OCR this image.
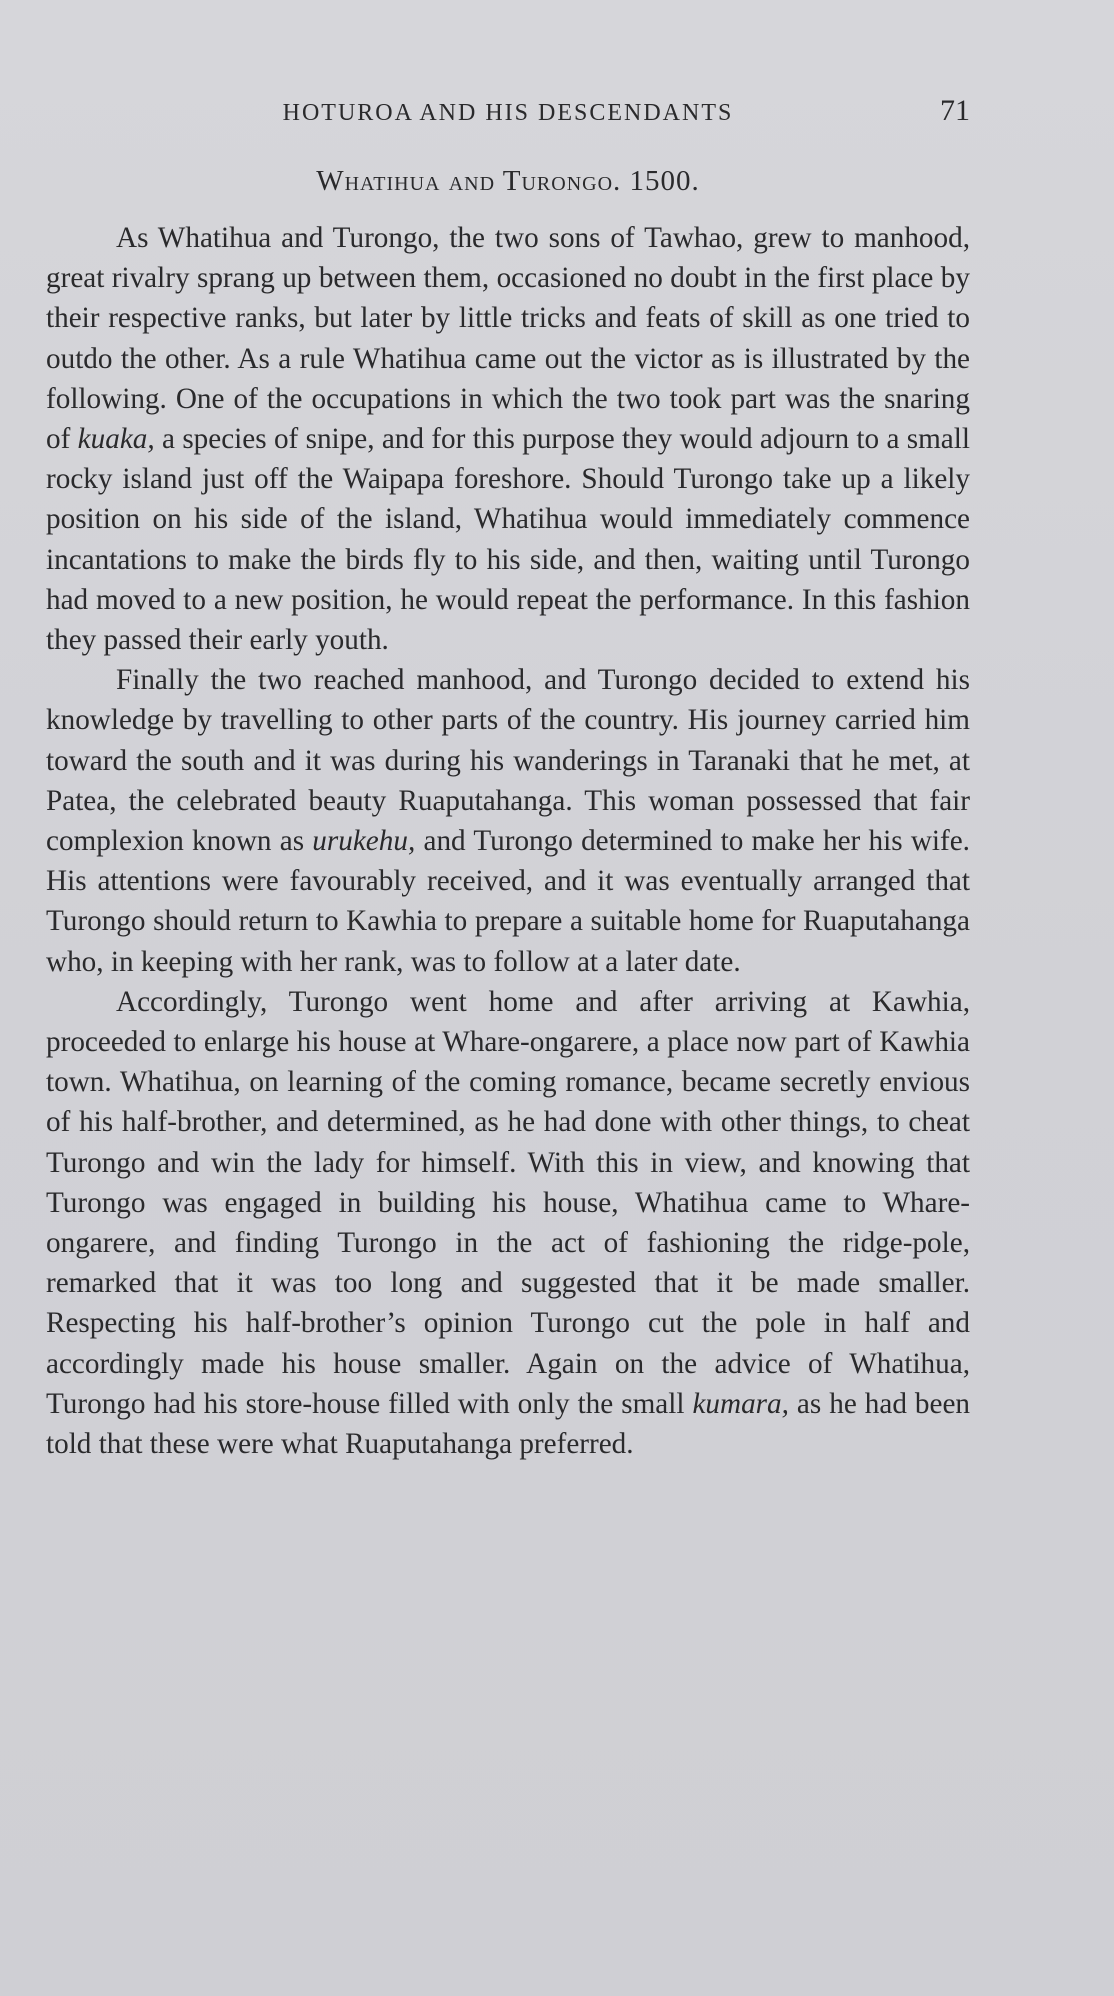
HOTUROA AND HIS DESCENDANTS	71
Whatihua and Turongo. 1500.

As Whatihua and Turongo, the two sons of Tawhao, grew to manhood, great rivalry sprang up between them, occasioned no doubt in the first place by their respective ranks, but later by little tricks and feats of skill as one tried to outdo the other. As a rule Whatihua came out the victor as is illustrated by the following. One of the occupations in which the two took part was the snaring of kuaka, a species of snipe, and for this purpose they would adjourn to a small rocky island just off the Waipapa foreshore. Should Turongo take up a likely position on his side of the island, Whatihua would immediately commence incantations to make the birds fly to his side, and then, waiting until Turongo had moved to a new position, he would repeat the performance. In this fashion they passed their early youth.

Finally the two reached manhood, and Turongo decided to extend his knowledge by travelling to other parts of the country. His journey carried him toward the south and it was during his wanderings in Taranaki that he met, at Patea, the celebrated beauty Ruaputahanga. This woman possessed that fair complexion known as urukehu, and Turongo determined to make her his wife. His attentions were favourably received, and it was eventually arranged that Turongo should return to Kawhia to prepare a suitable home for Ruaputahanga who, in keeping with her rank, was to follow at a later date.

Accordingly, Turongo went home and after arriving at Kawhia, proceeded to enlarge his house at Whare-ongarere, a place now part of Kawhia town. Whatihua, on learning of the coming romance, became secretly envious of his half-brother, and determined, as he had done with other things, to cheat Turongo and win the lady for himself. With this in view, and knowing that Turongo was engaged in building his house, Whatihua came to Whare-ongarere, and finding Turongo in the act of fashioning the ridge-pole, remarked that it was too long and suggested that it be made smaller. Respecting his half-brother’s opinion Turongo cut the pole in half and accordingly made his house smaller. Again on the advice of Whatihua, Turongo had his store-house filled with only the small kumara, as he had been told that these were what Ruaputahanga preferred.
